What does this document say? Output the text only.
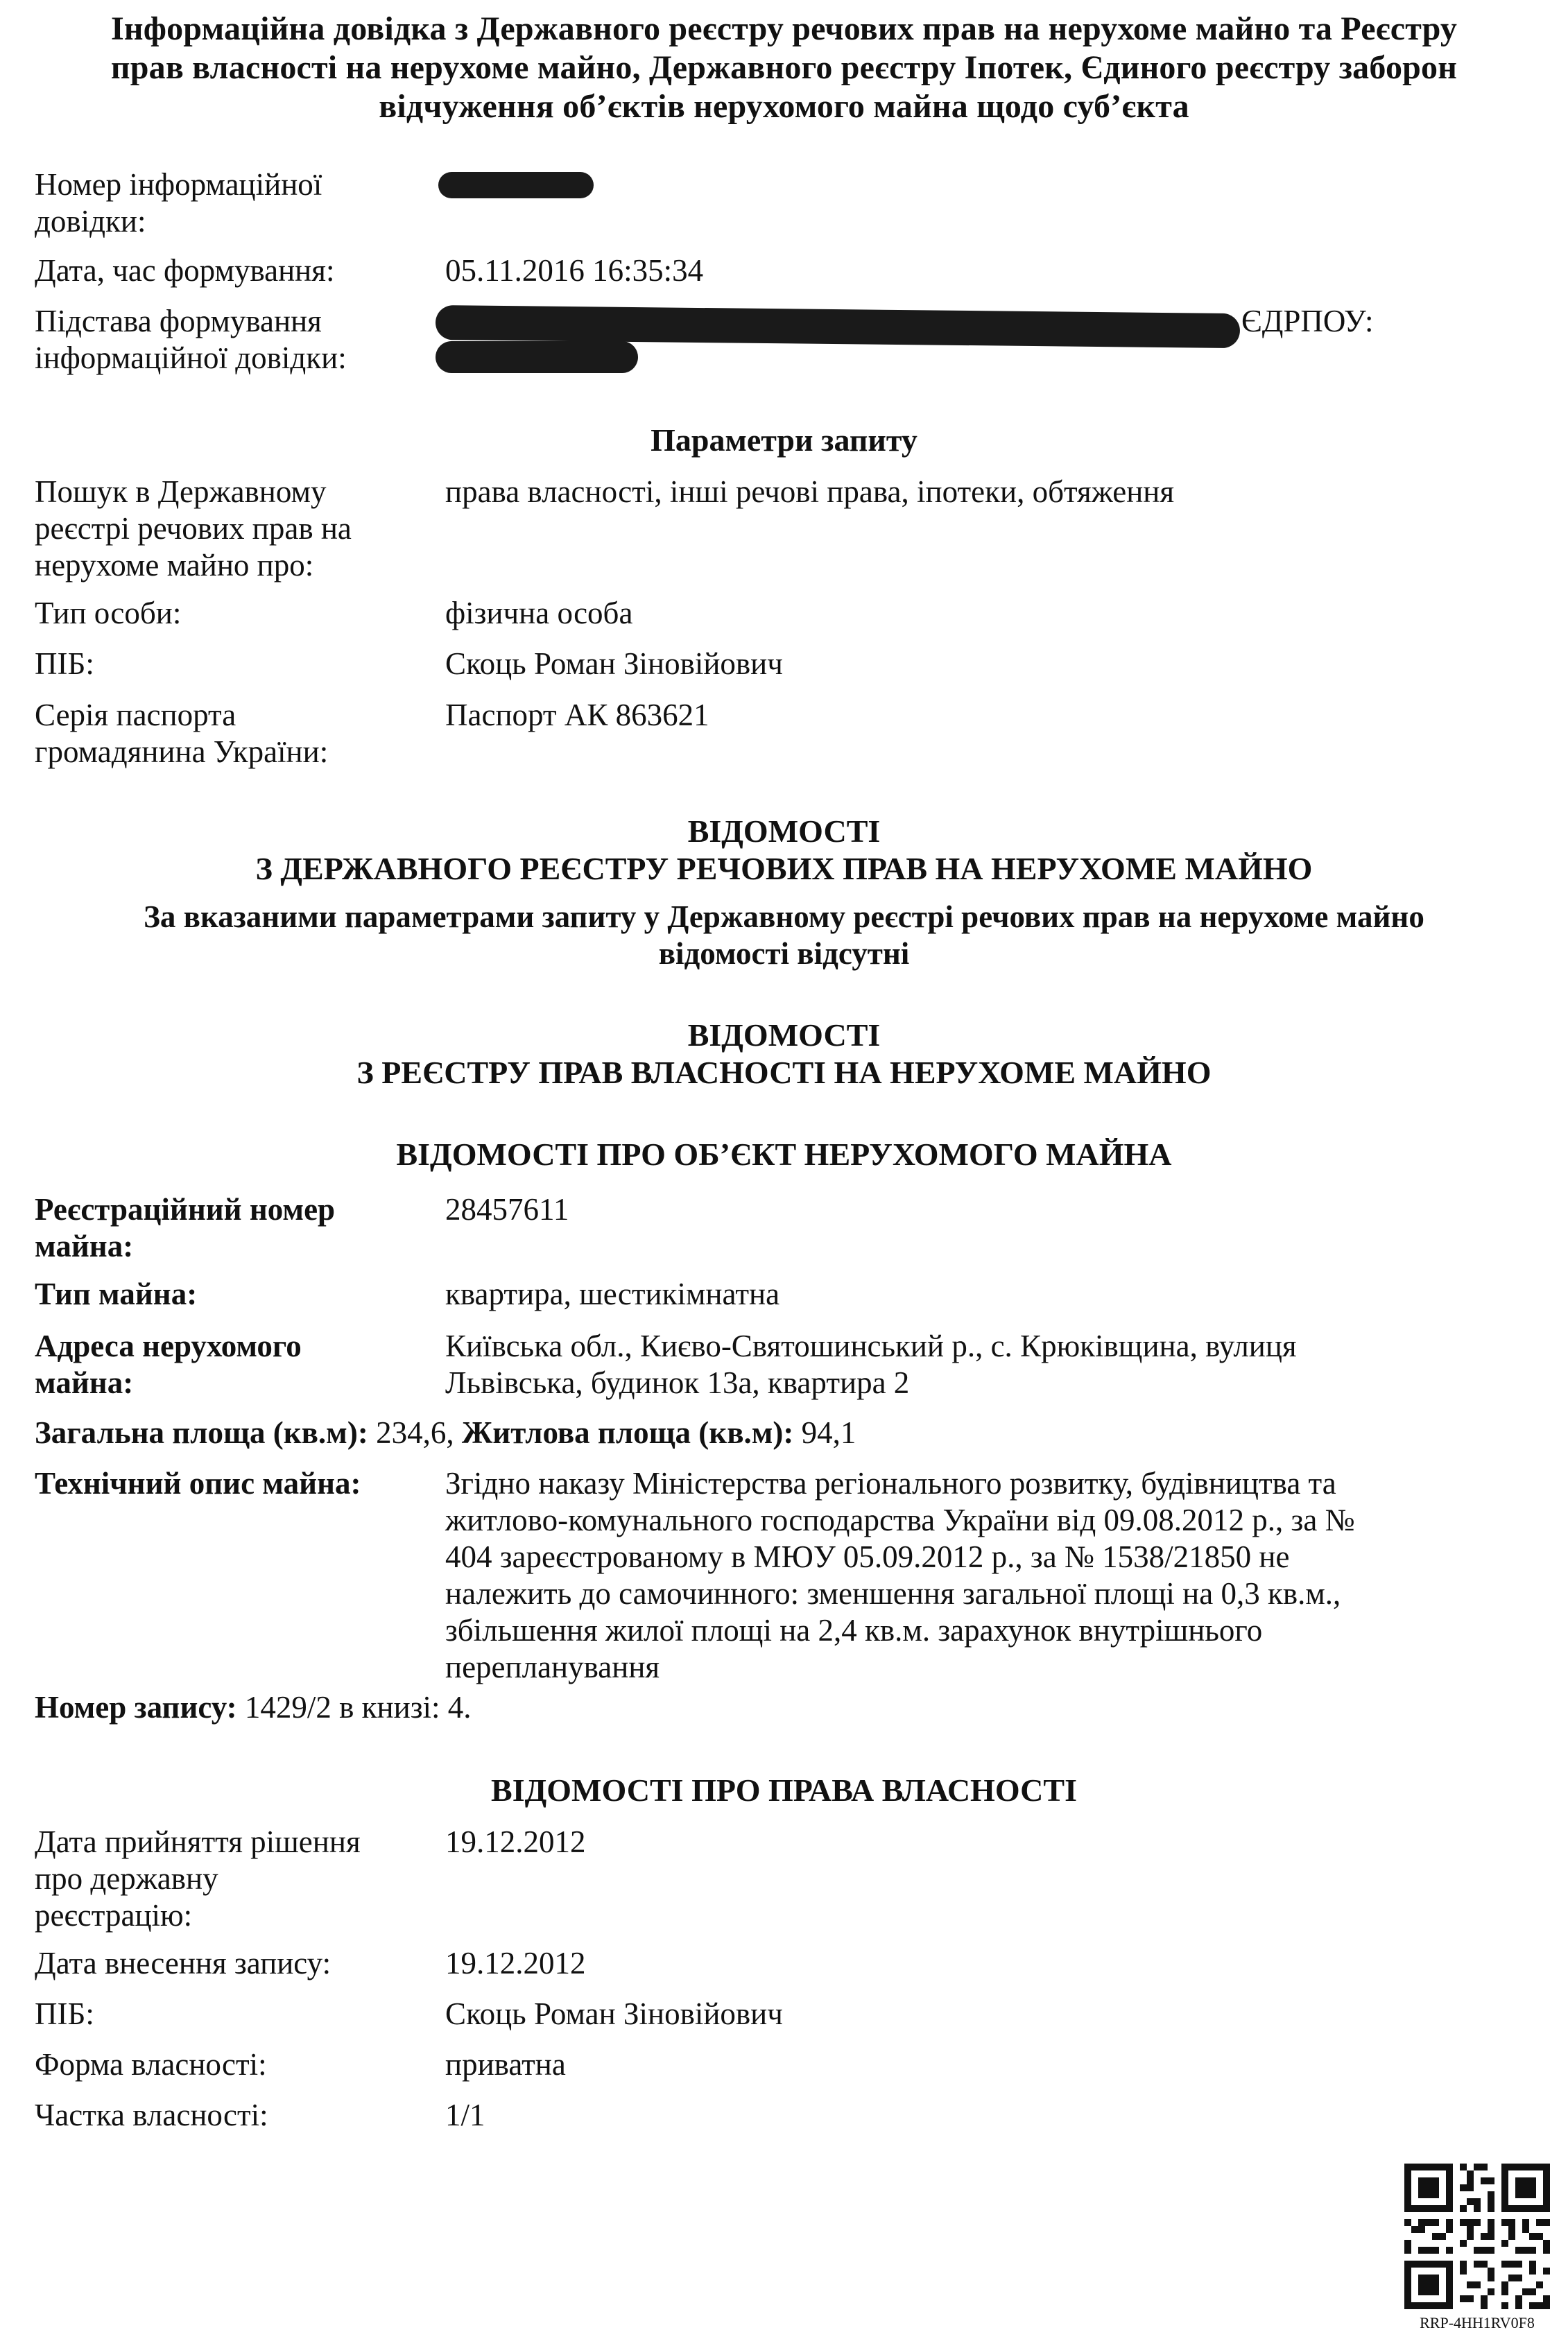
Інформаційна довідка з Державного реєстру речових прав на нерухоме майно та Реєстру
прав власності на нерухоме майно, Державного реєстру Іпотек, Єдиного реєстру заборон
відчуження об’єктів нерухомого майна щодо суб’єкта
Номер інформаційної
довідки:
Дата, час формування:	05.11.2016 16:35:34
Підстава формування
інформаційної довідки:
ЄДРПОУ:
Параметри запиту
Пошук в Державному
реєстрі речових прав на
нерухоме майно про:
права власності, інші речові права, іпотеки, обтяження
Тип особи:	фізична особа
ПІБ:	Скоць Роман Зіновійович
Серія паспорта
громадянина України:
Паспорт АК 863621
ВІДОМОСТІ
З ДЕРЖАВНОГО РЕЄСТРУ РЕЧОВИХ ПРАВ НА НЕРУХОМЕ МАЙНО
За вказаними параметрами запиту у Державному реєстрі речових прав на нерухоме майно
відомості відсутні
ВІДОМОСТІ
З РЕЄСТРУ ПРАВ ВЛАСНОСТІ НА НЕРУХОМЕ МАЙНО
ВІДОМОСТІ ПРО ОБ’ЄКТ НЕРУХОМОГО МАЙНА
Реєстраційний номер
майна:
28457611
Тип майна:	квартира, шестикімнатна
Адреса нерухомого
майна:
Київська обл., Києво-Святошинський р., с. Крюківщина, вулиця
Львівська, будинок 13а, квартира 2
Загальна площа (кв.м): 234,6, Житлова площа (кв.м): 94,1
Технічний опис майна:	Згідно наказу Міністерства регіонального розвитку, будівництва та
житлово-комунального господарства України від 09.08.2012 р., за №
404 зареєстрованому в МЮУ 05.09.2012 р., за № 1538/21850 не
належить до самочинного: зменшення загальної площі на 0,3 кв.м.,
збільшення жилої площі на 2,4 кв.м. зарахунок внутрішнього
перепланування
Номер запису: 1429/2 в книзі: 4.
ВІДОМОСТІ ПРО ПРАВА ВЛАСНОСТІ
Дата прийняття рішення
про державну
реєстрацію:
19.12.2012
Дата внесення запису:	19.12.2012
ПІБ:	Скоць Роман Зіновійович
Форма власності:	приватна
Частка власності:	1/1
RRP-4HH1RV0F8
